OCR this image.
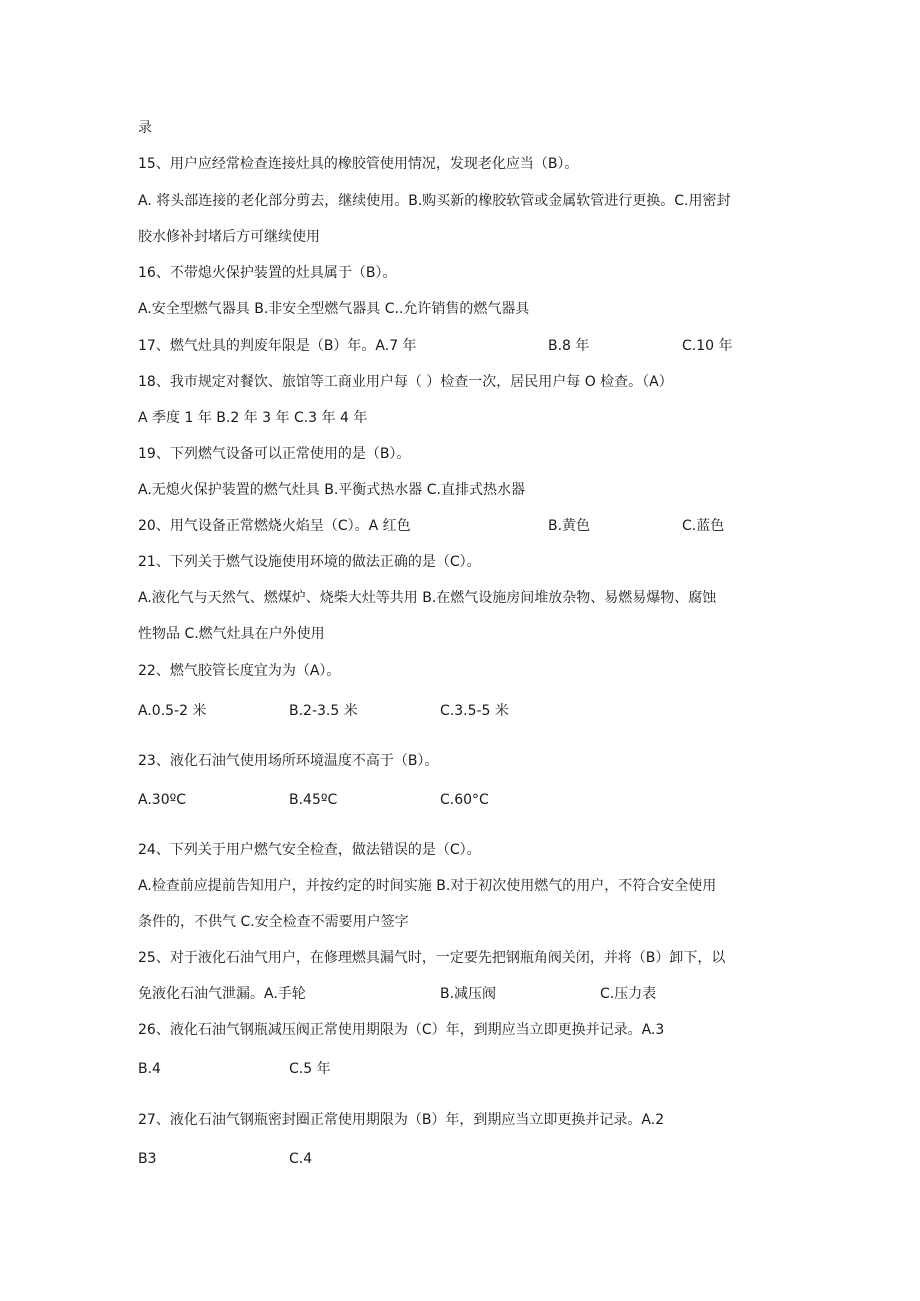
录
15、用户应经常检查连接灶具的橡胶管使用情况，发现老化应当（B）。
A. 将头部连接的老化部分剪去，继续使用。B.购买新的橡胶软管或金属软管进行更换。C.用密封
胶水修补封堵后方可继续使用
16、不带熄火保护装置的灶具属于（B）。
A.安全型燃气器具 B.非安全型燃气器具 C..允许销售的燃气器具
17、燃气灶具的判废年限是（B）年。A.7 年	B.8 年	C.10 年
18、我市规定对餐饮、旅馆等工商业用户每（ ）检查一次，居民用户每 O 检查。（A）
A 季度 1 年 B.2 年 3 年 C.3 年 4 年
19、下列燃气设备可以正常使用的是（B）。
A.无熄火保护装置的燃气灶具 B.平衡式热水器 C.直排式热水器
20、用气设备正常燃烧火焰呈（C）。A 红色	B.黄色	C.蓝色
21、下列关于燃气设施使用环境的做法正确的是（C）。
A.液化气与天然气、燃煤炉、烧柴大灶等共用 B.在燃气设施房间堆放杂物、易燃易爆物、腐蚀
性物品 C.燃气灶具在户外使用
22、燃气胶管长度宜为为（A）。
A.0.5-2 米	B.2-3.5 米	C.3.5-5 米
23、液化石油气使用场所环境温度不高于（B）。
A.30ºC	B.45ºC	C.60°C
24、下列关于用户燃气安全检查，做法错误的是（C）。
A.检查前应提前告知用户，并按约定的时间实施 B.对于初次使用燃气的用户，不符合安全使用
条件的，不供气 C.安全检查不需要用户签字
25、对于液化石油气用户，在修理燃具漏气时，一定要先把钢瓶角阀关闭，并将（B）卸下，以
免液化石油气泄漏。A.手轮	B.减压阀	C.压力表
26、液化石油气钢瓶减压阀正常使用期限为（C）年，到期应当立即更换并记录。A.3
B.4	C.5 年
27、液化石油气钢瓶密封圈正常使用期限为（B）年，到期应当立即更换并记录。A.2
B3	C.4
